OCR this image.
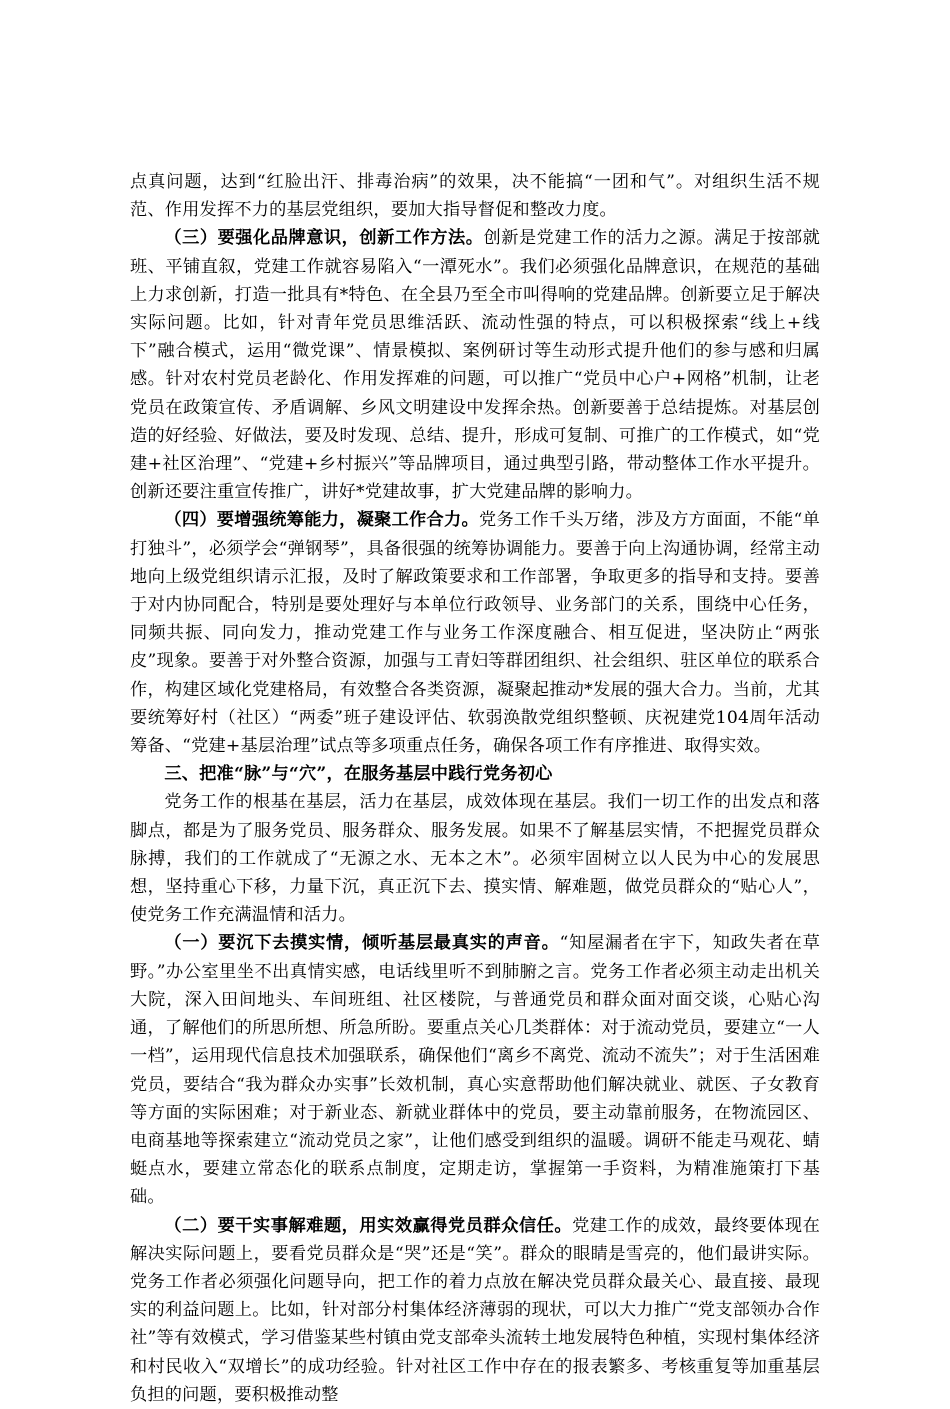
点真问题，达到“红脸出汗、排毒治病”的效果，决不能搞“一团和气”。对组织生活不规范、作用发挥不力的基层党组织，要加大指导督促和整改力度。

（三）要强化品牌意识，创新工作方法。创新是党建工作的活力之源。满足于按部就班、平铺直叙，党建工作就容易陷入“一潭死水”。我们必须强化品牌意识，在规范的基础上力求创新，打造一批具有*特色、在全县乃至全市叫得响的党建品牌。创新要立足于解决实际问题。比如，针对青年党员思维活跃、流动性强的特点，可以积极探索“线上+线下”融合模式，运用“微党课”、情景模拟、案例研讨等生动形式提升他们的参与感和归属感。针对农村党员老龄化、作用发挥难的问题，可以推广“党员中心户+网格”机制，让老党员在政策宣传、矛盾调解、乡风文明建设中发挥余热。创新要善于总结提炼。对基层创造的好经验、好做法，要及时发现、总结、提升，形成可复制、可推广的工作模式，如“党建+社区治理”、“党建+乡村振兴”等品牌项目，通过典型引路，带动整体工作水平提升。创新还要注重宣传推广，讲好*党建故事，扩大党建品牌的影响力。

（四）要增强统筹能力，凝聚工作合力。党务工作千头万绪，涉及方方面面，不能“单打独斗”，必须学会“弹钢琴”，具备很强的统筹协调能力。要善于向上沟通协调，经常主动地向上级党组织请示汇报，及时了解政策要求和工作部署，争取更多的指导和支持。要善于对内协同配合，特别是要处理好与本单位行政领导、业务部门的关系，围绕中心任务，同频共振、同向发力，推动党建工作与业务工作深度融合、相互促进，坚决防止“两张皮”现象。要善于对外整合资源，加强与工青妇等群团组织、社会组织、驻区单位的联系合作，构建区域化党建格局，有效整合各类资源，凝聚起推动*发展的强大合力。当前，尤其要统筹好村（社区）“两委”班子建设评估、软弱涣散党组织整顿、庆祝建党104周年活动筹备、“党建+基层治理”试点等多项重点任务，确保各项工作有序推进、取得实效。

三、把准“脉”与“穴”，在服务基层中践行党务初心

党务工作的根基在基层，活力在基层，成效体现在基层。我们一切工作的出发点和落脚点，都是为了服务党员、服务群众、服务发展。如果不了解基层实情，不把握党员群众脉搏，我们的工作就成了“无源之水、无本之木”。必须牢固树立以人民为中心的发展思想，坚持重心下移，力量下沉，真正沉下去、摸实情、解难题，做党员群众的“贴心人”，使党务工作充满温情和活力。

（一）要沉下去摸实情，倾听基层最真实的声音。“知屋漏者在宇下，知政失者在草野。”办公室里坐不出真情实感，电话线里听不到肺腑之言。党务工作者必须主动走出机关大院，深入田间地头、车间班组、社区楼院，与普通党员和群众面对面交谈，心贴心沟通，了解他们的所思所想、所急所盼。要重点关心几类群体：对于流动党员，要建立“一人一档”，运用现代信息技术加强联系，确保他们“离乡不离党、流动不流失”；对于生活困难党员，要结合“我为群众办实事”长效机制，真心实意帮助他们解决就业、就医、子女教育等方面的实际困难；对于新业态、新就业群体中的党员，要主动靠前服务，在物流园区、电商基地等探索建立“流动党员之家”，让他们感受到组织的温暖。调研不能走马观花、蜻蜓点水，要建立常态化的联系点制度，定期走访，掌握第一手资料，为精准施策打下基础。

（二）要干实事解难题，用实效赢得党员群众信任。党建工作的成效，最终要体现在解决实际问题上，要看党员群众是“哭”还是“笑”。群众的眼睛是雪亮的，他们最讲实际。党务工作者必须强化问题导向，把工作的着力点放在解决党员群众最关心、最直接、最现实的利益问题上。比如，针对部分村集体经济薄弱的现状，可以大力推广“党支部领办合作社”等有效模式，学习借鉴某些村镇由党支部牵头流转土地发展特色种植，实现村集体经济和村民收入“双增长”的成功经验。针对社区工作中存在的报表繁多、考核重复等加重基层负担的问题，要积极推动整
